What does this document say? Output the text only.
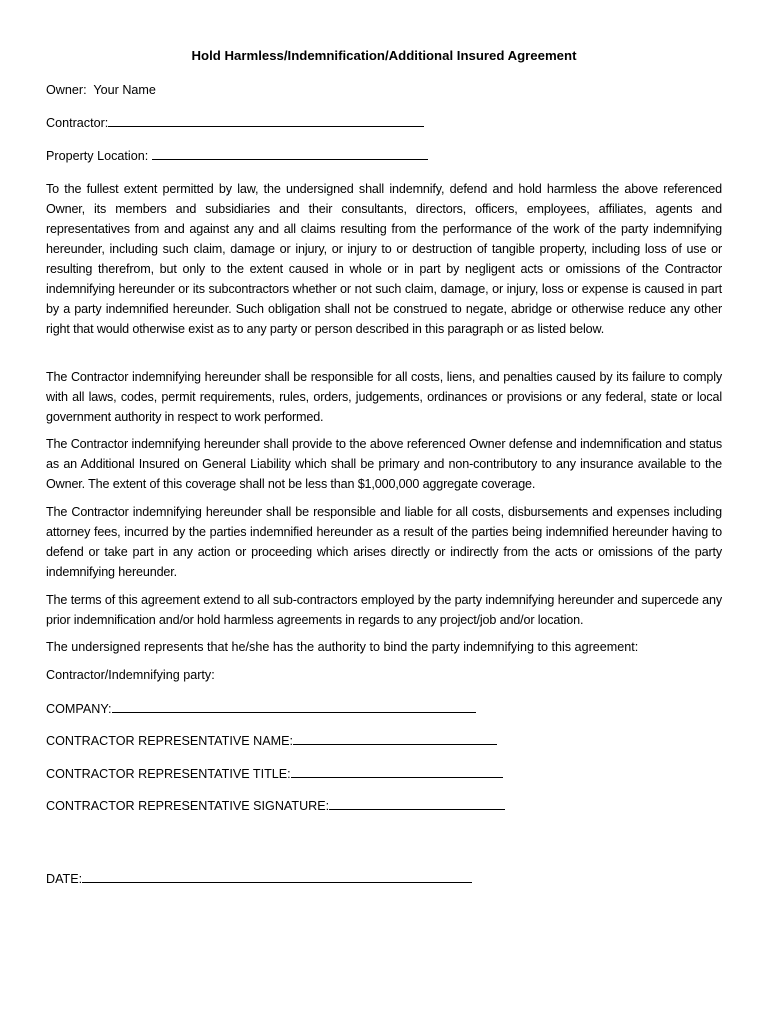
Hold Harmless/Indemnification/Additional Insured Agreement
Owner: Your Name
Contractor:
Property Location:
To the fullest extent permitted by law, the undersigned shall indemnify, defend and hold harmless the above referenced Owner, its members and subsidiaries and their consultants, directors, officers, employees, affiliates, agents and representatives from and against any and all claims resulting from the performance of the work of the party indemnifying hereunder, including such claim, damage or injury, or injury to or destruction of tangible property, including loss of use or resulting therefrom, but only to the extent caused in whole or in part by negligent acts or omissions of the Contractor indemnifying hereunder or its subcontractors whether or not such claim, damage, or injury, loss or expense is caused in part by a party indemnified hereunder. Such obligation shall not be construed to negate, abridge or otherwise reduce any other right that would otherwise exist as to any party or person described in this paragraph or as listed below.
The Contractor indemnifying hereunder shall be responsible for all costs, liens, and penalties caused by its failure to comply with all laws, codes, permit requirements, rules, orders, judgements, ordinances or provisions or any federal, state or local government authority in respect to work performed.
The Contractor indemnifying hereunder shall provide to the above referenced Owner defense and indemnification and status as an Additional Insured on General Liability which shall be primary and non-contributory to any insurance available to the Owner. The extent of this coverage shall not be less than $1,000,000 aggregate coverage.
The Contractor indemnifying hereunder shall be responsible and liable for all costs, disbursements and expenses including attorney fees, incurred by the parties indemnified hereunder as a result of the parties being indemnified hereunder having to defend or take part in any action or proceeding which arises directly or indirectly from the acts or omissions of the party indemnifying hereunder.
The terms of this agreement extend to all sub-contractors employed by the party indemnifying hereunder and supercede any prior indemnification and/or hold harmless agreements in regards to any project/job and/or location.
The undersigned represents that he/she has the authority to bind the party indemnifying to this agreement:
Contractor/Indemnifying party:
COMPANY:
CONTRACTOR REPRESENTATIVE NAME:
CONTRACTOR REPRESENTATIVE TITLE:
CONTRACTOR REPRESENTATIVE SIGNATURE:
DATE:
